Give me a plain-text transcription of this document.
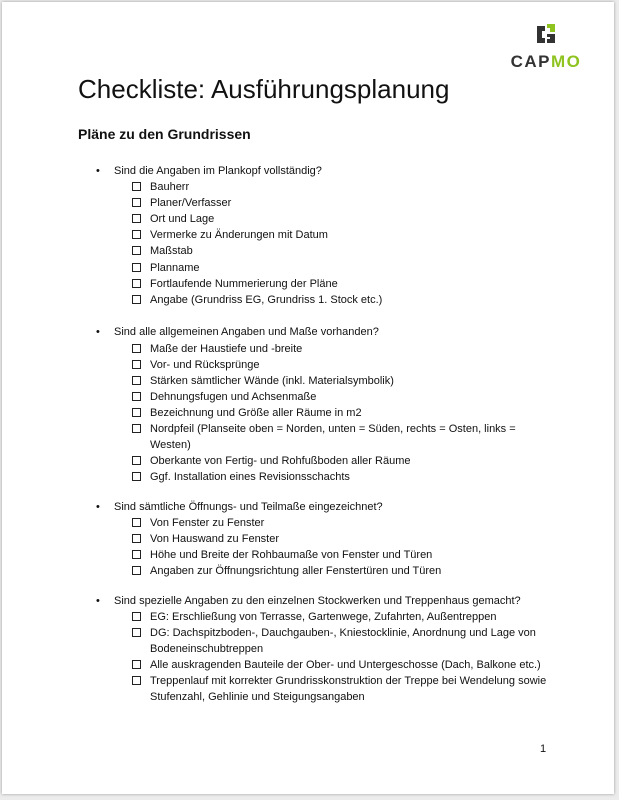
CAPMO
Checkliste: Ausführungsplanung
Pläne zu den Grundrissen
• Sind die Angaben im Plankopf vollständig?
Bauherr
Planer/Verfasser
Ort und Lage
Vermerke zu Änderungen mit Datum
Maßstab
Planname
Fortlaufende Nummerierung der Pläne
Angabe (Grundriss EG, Grundriss 1. Stock etc.)
• Sind alle allgemeinen Angaben und Maße vorhanden?
Maße der Haustiefe und -breite
Vor- und Rücksprünge
Stärken sämtlicher Wände (inkl. Materialsymbolik)
Dehnungsfugen und Achsenmaße
Bezeichnung und Größe aller Räume in m2
Nordpfeil (Planseite oben = Norden, unten = Süden, rechts = Osten, links = Westen)
Oberkante von Fertig- und Rohfußboden aller Räume
Ggf. Installation eines Revisionsschachts
• Sind sämtliche Öffnungs- und Teilmaße eingezeichnet?
Von Fenster zu Fenster
Von Hauswand zu Fenster
Höhe und Breite der Rohbaumaße von Fenster und Türen
Angaben zur Öffnungsrichtung aller Fenstertüren und Türen
• Sind spezielle Angaben zu den einzelnen Stockwerken und Treppenhaus gemacht?
EG: Erschließung von Terrasse, Gartenwege, Zufahrten, Außentreppen
DG: Dachspitzboden-, Dauchgauben-, Kniestocklinie, Anordnung und Lage von Bodeneinschubtreppen
Alle auskragenden Bauteile der Ober- und Untergeschosse (Dach, Balkone etc.)
Treppenlauf mit korrekter Grundrisskonstruktion der Treppe bei Wendelung sowie Stufenzahl, Gehlinie und Steigungsangaben
1
